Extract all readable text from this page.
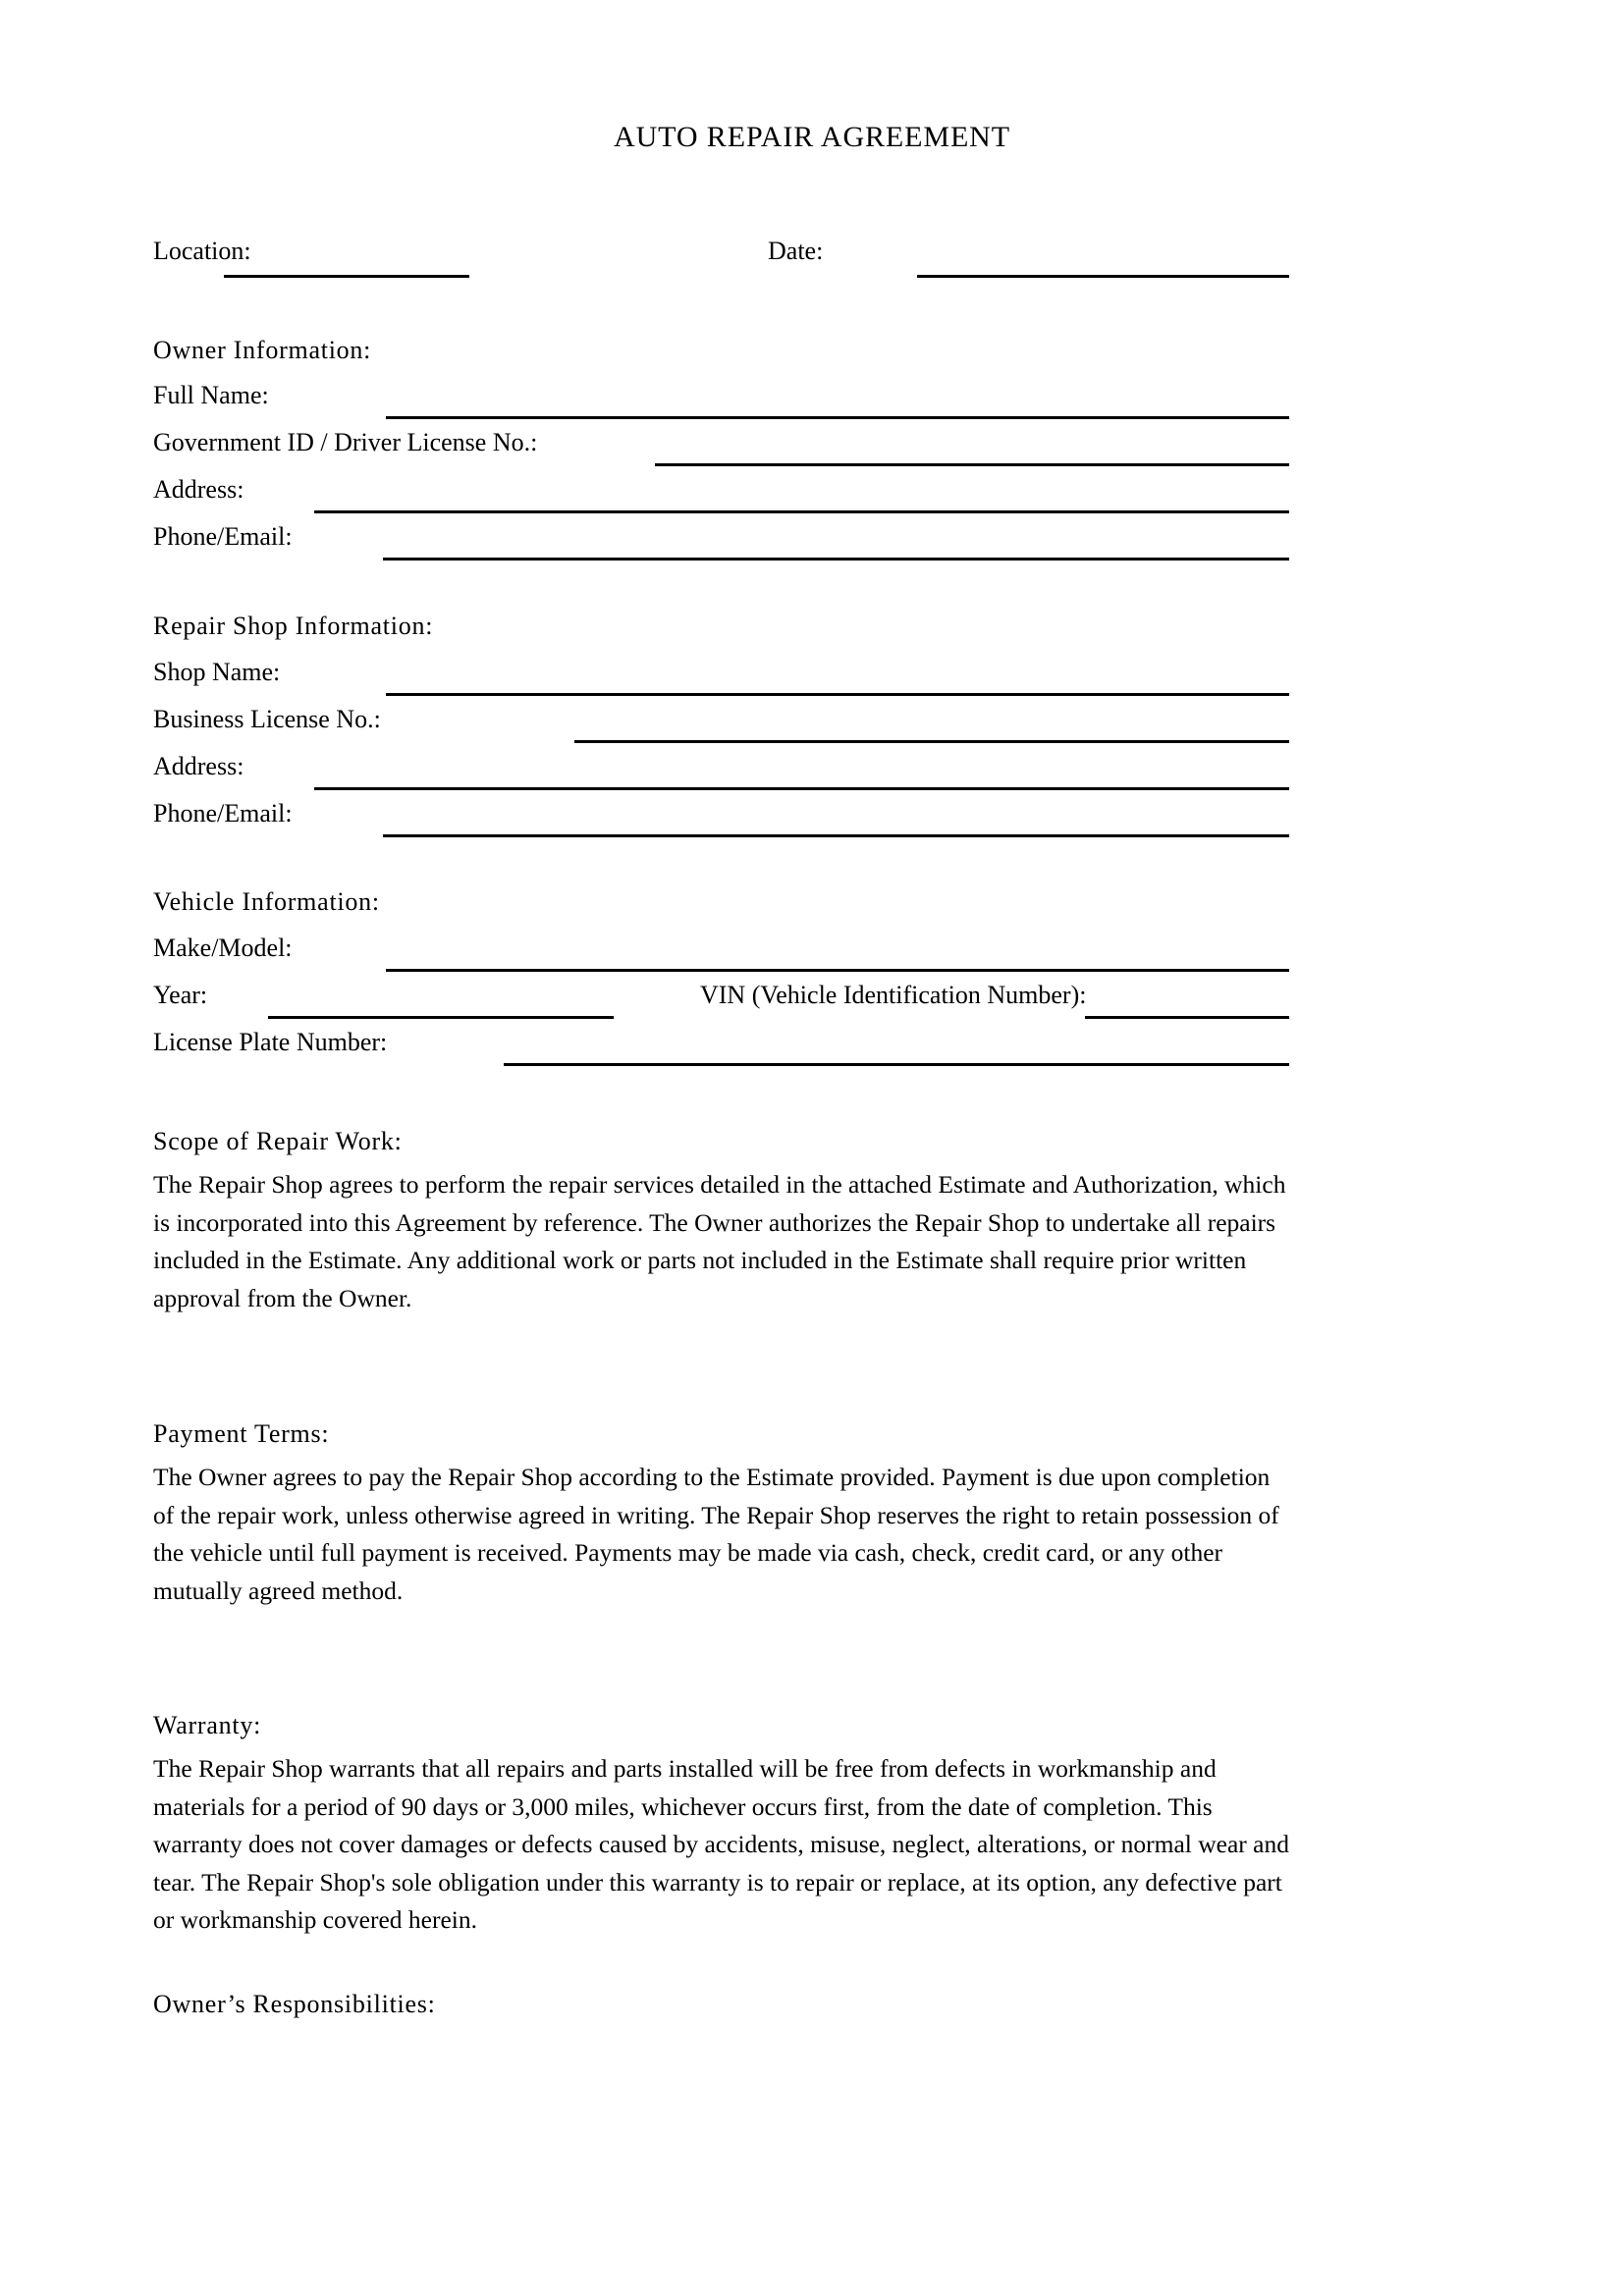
AUTO REPAIR AGREEMENT
Location:	Date:
Owner Information:
Full Name:
Government ID / Driver License No.:
Address:
Phone/Email:
Repair Shop Information:
Shop Name:
Business License No.:
Address:
Phone/Email:
Vehicle Information:
Make/Model:
Year:	VIN (Vehicle Identification Number):
License Plate Number:
Scope of Repair Work:
The Repair Shop agrees to perform the repair services detailed in the attached Estimate and Authorization, which is incorporated into this Agreement by reference. The Owner authorizes the Repair Shop to undertake all repairs included in the Estimate. Any additional work or parts not included in the Estimate shall require prior written approval from the Owner.
Payment Terms:
The Owner agrees to pay the Repair Shop according to the Estimate provided. Payment is due upon completion of the repair work, unless otherwise agreed in writing. The Repair Shop reserves the right to retain possession of the vehicle until full payment is received. Payments may be made via cash, check, credit card, or any other mutually agreed method.
Warranty:
The Repair Shop warrants that all repairs and parts installed will be free from defects in workmanship and materials for a period of 90 days or 3,000 miles, whichever occurs first, from the date of completion. This warranty does not cover damages or defects caused by accidents, misuse, neglect, alterations, or normal wear and tear. The Repair Shop's sole obligation under this warranty is to repair or replace, at its option, any defective part or workmanship covered herein.
Owner’s Responsibilities:
